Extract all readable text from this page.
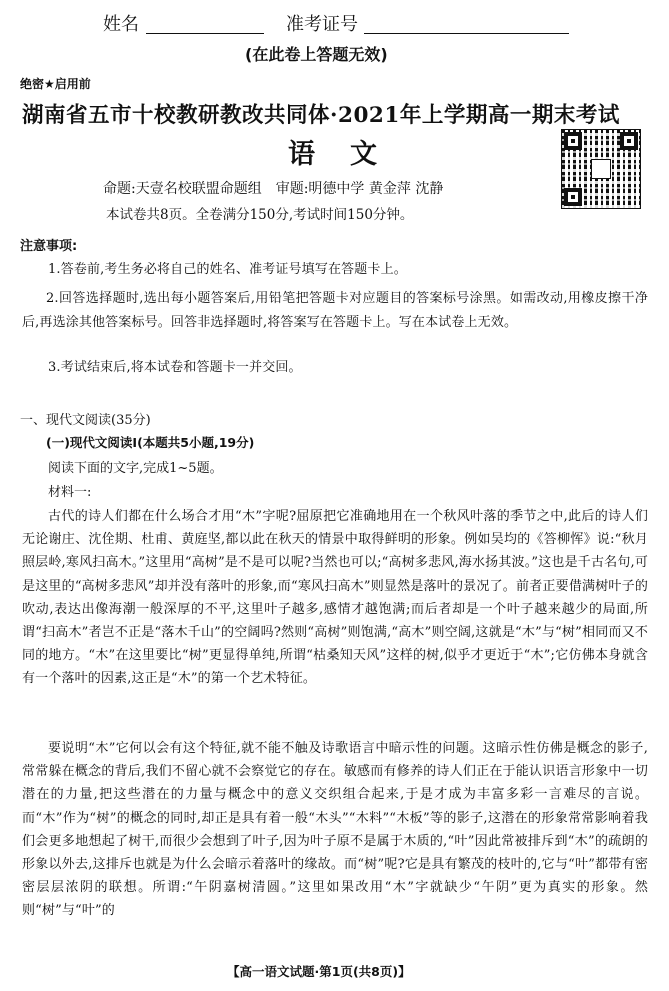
姓名	准考证号
(在此卷上答题无效)
绝密★启用前
湖南省五市十校教研教改共同体·2021年上学期高一期末考试
语　文
命题:天壹名校联盟命题组　审题:明德中学 黄金萍 沈静
本试卷共8页。全卷满分150分,考试时间150分钟。
注意事项:
1.答卷前,考生务必将自己的姓名、准考证号填写在答题卡上。
2.回答选择题时,选出每小题答案后,用铅笔把答题卡对应题目的答案标号涂黑。如需改动,用橡皮擦干净后,再选涂其他答案标号。回答非选择题时,将答案写在答题卡上。写在本试卷上无效。
3.考试结束后,将本试卷和答题卡一并交回。
一、现代文阅读(35分)
(一)现代文阅读Ⅰ(本题共5小题,19分)
阅读下面的文字,完成1~5题。
材料一:
古代的诗人们都在什么场合才用“木”字呢?屈原把它准确地用在一个秋风叶落的季节之中,此后的诗人们无论谢庄、沈佺期、杜甫、黄庭坚,都以此在秋天的情景中取得鲜明的形象。例如吴均的《答柳恽》说:“秋月照层岭,寒风扫高木。”这里用“高树”是不是可以呢?当然也可以;“高树多悲风,海水扬其波。”这也是千古名句,可是这里的“高树多悲风”却并没有落叶的形象,而“寒风扫高木”则显然是落叶的景况了。前者正要借满树叶子的吹动,表达出像海潮一般深厚的不平,这里叶子越多,感情才越饱满;而后者却是一个叶子越来越少的局面,所谓“扫高木”者岂不正是“落木千山”的空阔吗?然则“高树”则饱满,“高木”则空阔,这就是“木”与“树”相同而又不同的地方。“木”在这里要比“树”更显得单纯,所谓“枯桑知天风”这样的树,似乎才更近于“木”;它仿佛本身就含有一个落叶的因素,这正是“木”的第一个艺术特征。
要说明“木”它何以会有这个特征,就不能不触及诗歌语言中暗示性的问题。这暗示性仿佛是概念的影子,常常躲在概念的背后,我们不留心就不会察觉它的存在。敏感而有修养的诗人们正在于能认识语言形象中一切潜在的力量,把这些潜在的力量与概念中的意义交织组合起来,于是才成为丰富多彩一言难尽的言说。而“木”作为“树”的概念的同时,却正是具有着一般“木头”“木料”“木板”等的影子,这潜在的形象常常影响着我们会更多地想起了树干,而很少会想到了叶子,因为叶子原不是属于木质的,“叶”因此常被排斥到“木”的疏朗的形象以外去,这排斥也就是为什么会暗示着落叶的缘故。而“树”呢?它是具有繁茂的枝叶的,它与“叶”都带有密密层层浓阴的联想。所谓:“午阴嘉树清圆。”这里如果改用“木”字就缺少“午阴”更为真实的形象。然则“树”与“叶”的
【高一语文试题·第1页(共8页)】
